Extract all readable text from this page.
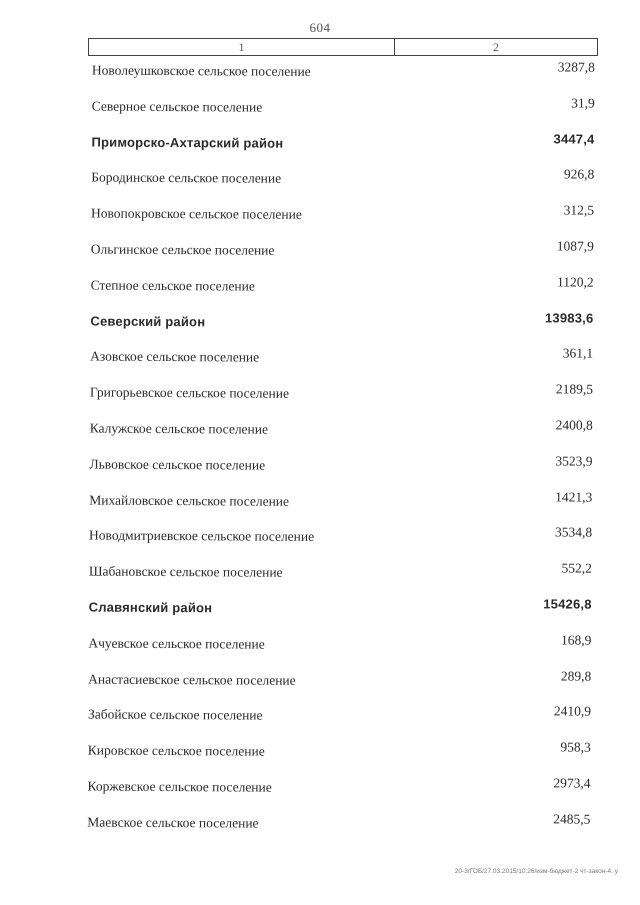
604
1	2
Новолеушковское сельское поселение	3287,8
Северное сельское поселение	31,9
Приморско-Ахтарский район	3447,4
Бородинское сельское поселение	926,8
Новопокровское сельское поселение	312,5
Ольгинское сельское поселение	1087,9
Степное сельское поселение	1120,2
Северский район	13983,6
Азовское сельское поселение	361,1
Григорьевское сельское поселение	2189,5
Калужское сельское поселение	2400,8
Львовское сельское поселение	3523,9
Михайловское сельское поселение	1421,3
Новодмитриевское сельское поселение	3534,8
Шабановское сельское поселение	552,2
Славянский район	15426,8
Ачуевское сельское поселение	168,9
Анастасиевское сельское поселение	289,8
Забойское сельское поселение	2410,9
Кировское сельское поселение	958,3
Коржевское сельское поселение	2973,4
Маевское сельское поселение	2485,5
20-3/ГОБ/27.03.2015/10:26/изм-бюджет-2 чт-закон-4. у
